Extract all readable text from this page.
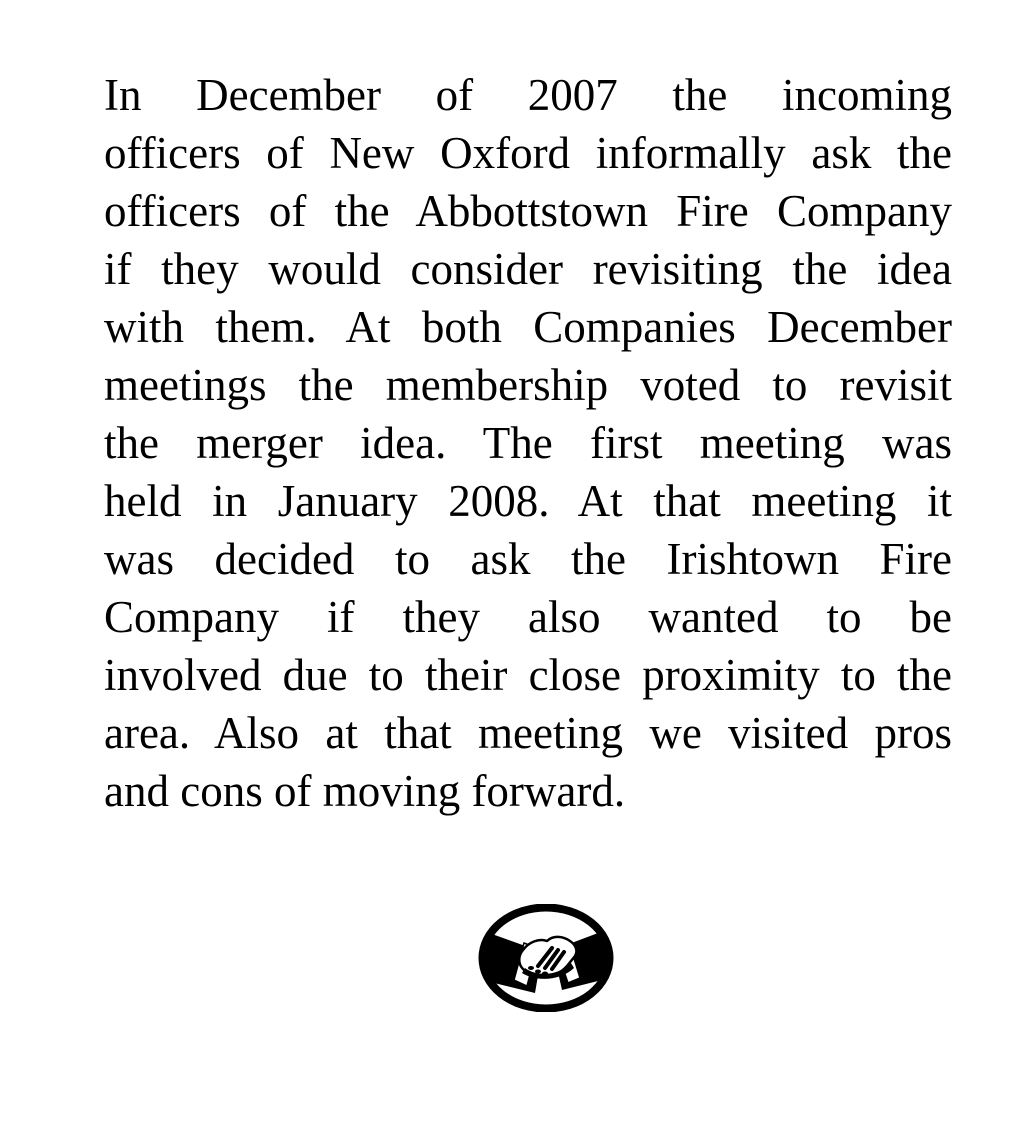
In December of 2007 the incoming
officers of New Oxford informally ask the
officers of the Abbottstown Fire Company
if they would consider revisiting the idea
with them. At both Companies December
meetings the membership voted to revisit
the merger idea. The first meeting was
held in January 2008. At that meeting it
was decided to ask the Irishtown Fire
Company if they also wanted to be
involved due to their close proximity to the
area. Also at that meeting we visited pros
and cons of moving forward.
